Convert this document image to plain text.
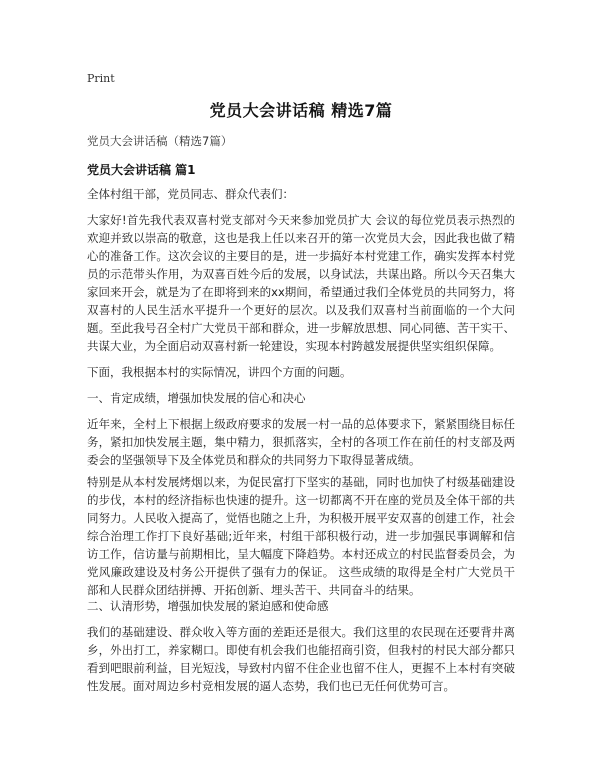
Print
党员大会讲话稿 精选7篇
党员大会讲话稿（精选7篇）
党员大会讲话稿 篇1

全体村组干部，党员同志、群众代表们：

大家好!首先我代表双喜村党支部对今天来参加党员扩大 会议的每位党员表示热烈的欢迎并致以崇高的敬意，这也是我上任以来召开的第一次党员大会，因此我也做了精心的准备工作。这次会议的主要目的是，进一步搞好本村党建工作，确实发挥本村党员的示范带头作用，为双喜百姓今后的发展，以身试法，共谋出路。所以今天召集大家回来开会，就是为了在即将到来的xx期间，希望通过我们全体党员的共同努力，将双喜村的人民生活水平提升一个更好的层次。以及我们双喜村当前面临的一个大问题。至此我号召全村广大党员干部和群众，进一步解放思想、同心同德、苦干实干、共谋大业，为全面启动双喜村新一轮建设，实现本村跨越发展提供坚实组织保障。

下面，我根据本村的实际情况，讲四个方面的问题。

一、肯定成绩，增强加快发展的信心和决心

近年来，全村上下根据上级政府要求的发展一村一品的总体要求下，紧紧围绕目标任务，紧扣加快发展主题，集中精力，狠抓落实，全村的各项工作在前任的村支部及两委会的坚强领导下及全体党员和群众的共同努力下取得显著成绩。

特别是从本村发展烤烟以来，为促民富打下坚实的基础，同时也加快了村级基础建设的步伐，本村的经济指标也快速的提升。这一切都离不开在座的党员及全体干部的共同努力。人民收入提高了，觉悟也随之上升，为积极开展平安双喜的创建工作，社会综合治理工作打下良好基础;近年来，村组干部积极行动，进一步加强民事调解和信访工作，信访量与前期相比，呈大幅度下降趋势。本村还成立的村民监督委员会，为党风廉政建设及村务公开提供了强有力的保证。 这些成绩的取得是全村广大党员干部和人民群众团结拼搏、开拓创新、埋头苦干、共同奋斗的结果。

二、认清形势，增强加快发展的紧迫感和使命感

我们的基础建设、群众收入等方面的差距还是很大。我们这里的农民现在还要背井离乡，外出打工，养家糊口。即使有机会我们也能招商引资，但我村的村民大部分都只看到吧眼前利益，目光短浅，导致村内留不住企业也留不住人，更握不上本村有突破性发展。面对周边乡村竞相发展的逼人态势，我们也已无任何优势可言。
